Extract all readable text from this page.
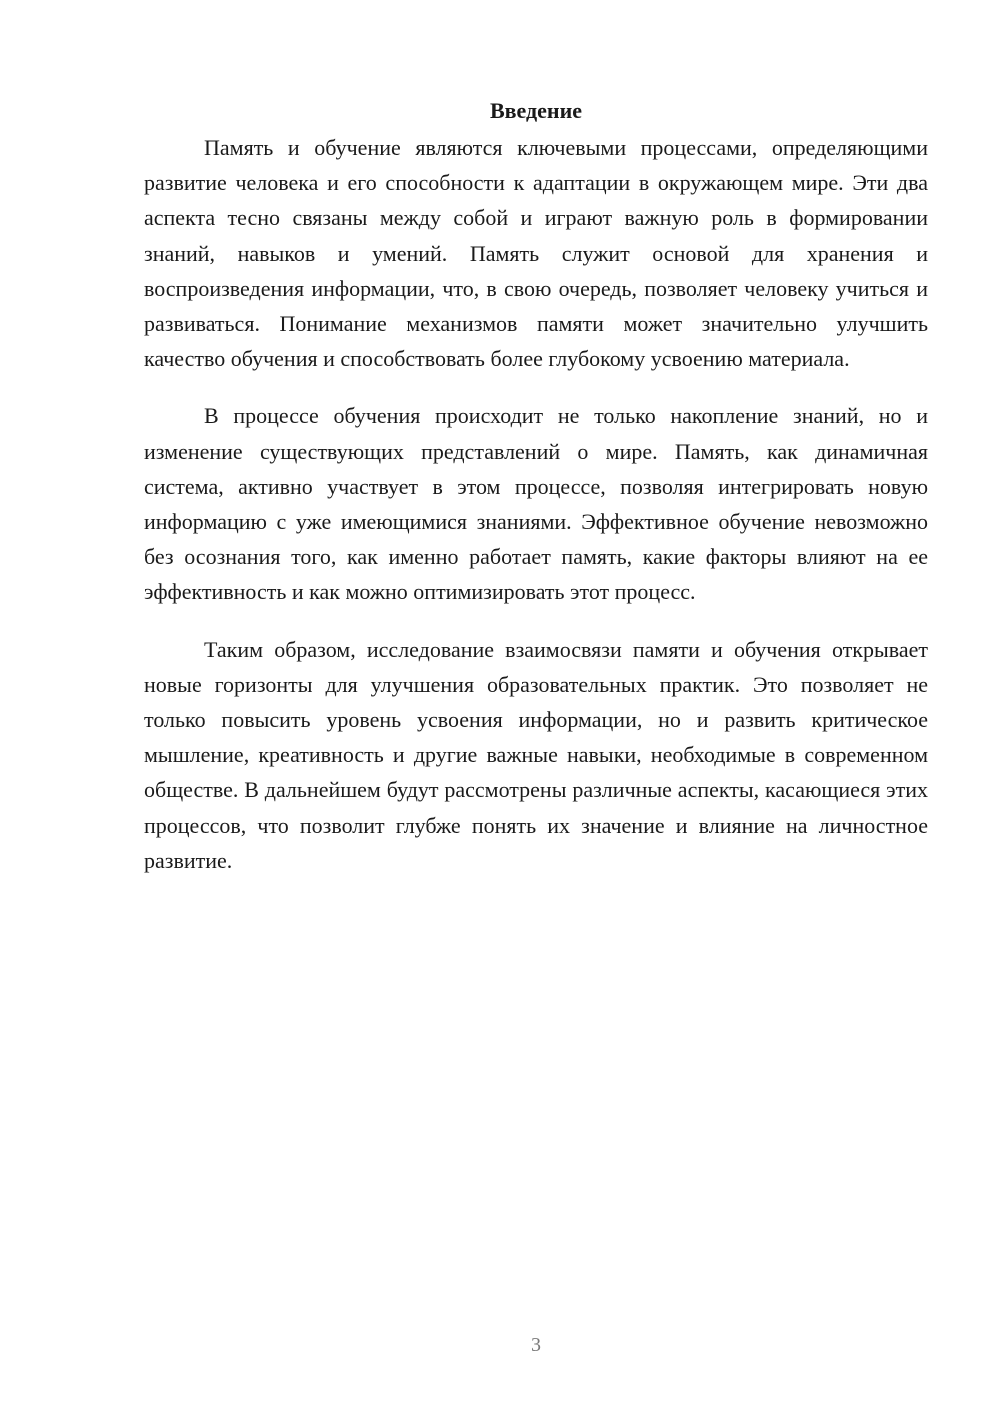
Введение

Память и обучение являются ключевыми процессами, определяющими развитие человека и его способности к адаптации в окружающем мире. Эти два аспекта тесно связаны между собой и играют важную роль в формировании знаний, навыков и умений. Память служит основой для хранения и воспроизведения информации, что, в свою очередь, позволяет человеку учиться и развиваться. Понимание механизмов памяти может значительно улучшить качество обучения и способствовать более глубокому усвоению материала.

В процессе обучения происходит не только накопление знаний, но и изменение существующих представлений о мире. Память, как динамичная система, активно участвует в этом процессе, позволяя интегрировать новую информацию с уже имеющимися знаниями. Эффективное обучение невозможно без осознания того, как именно работает память, какие факторы влияют на ее эффективность и как можно оптимизировать этот процесс.

Таким образом, исследование взаимосвязи памяти и обучения открывает новые горизонты для улучшения образовательных практик. Это позволяет не только повысить уровень усвоения информации, но и развить критическое мышление, креативность и другие важные навыки, необходимые в современном обществе. В дальнейшем будут рассмотрены различные аспекты, касающиеся этих процессов, что позволит глубже понять их значение и влияние на личностное развитие.

3
